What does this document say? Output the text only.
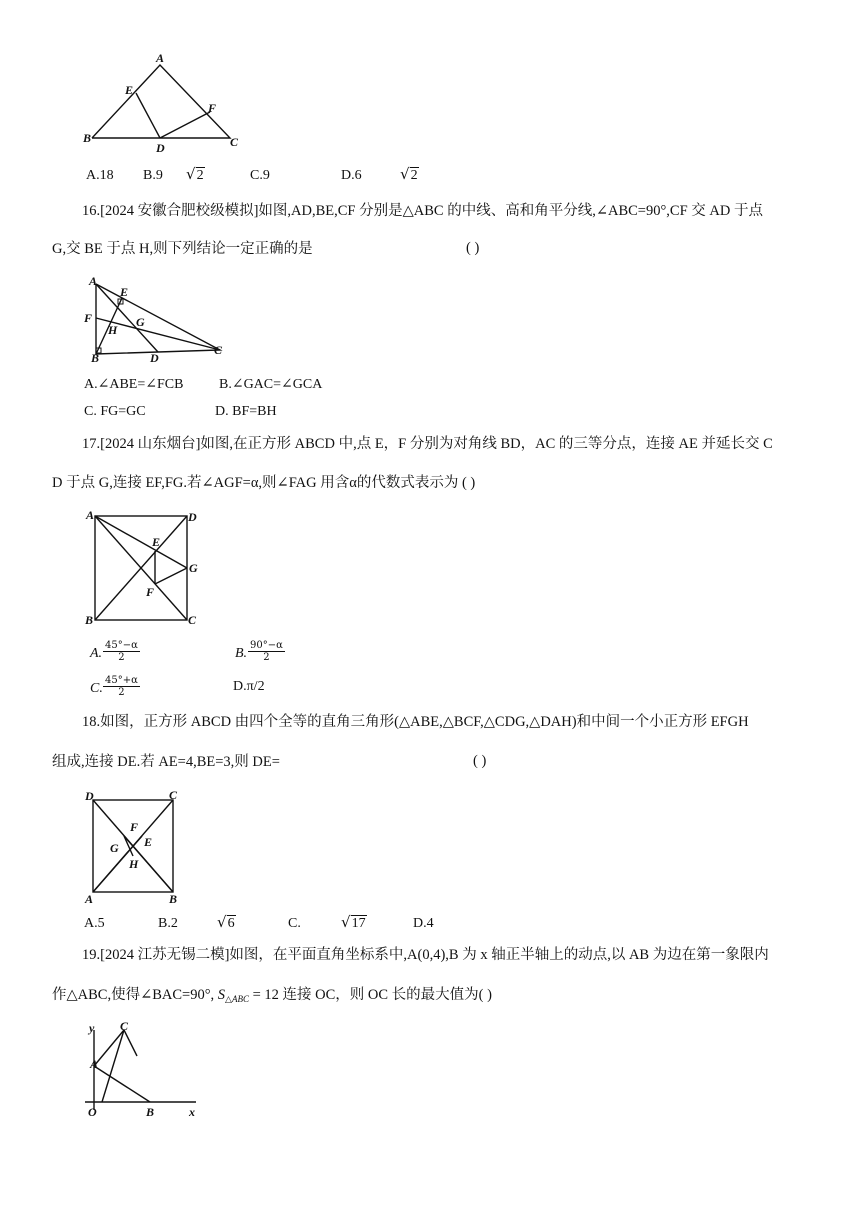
A
E
F
B
D	C
A.18 B.9 √2	C.9	D.6	√2
16.[2024 安徽合肥校级模拟]如图,AD,BE,CF 分别是△ABC 的中线、高和角平分线,∠ABC=90°,CF 交 AD 于点
G,交 BE 于点 H,则下列结论一定正确的是	( )
A
E
F
H
G
B	D
C
A.∠ABE=∠FCB	B.∠GAC=∠GCA
C. FG=GC	D. BF=BH
17.[2024 山东烟台]如图,在正方形 ABCD 中,点 E，F 分别为对角线 BD，AC 的三等分点，连接 AE 并延长交 C
D 于点 G,连接 EF,FG.若∠AGF=α,则∠FAG 用含α的代数式表示为 ( )
A	D
E
G
F
B	C
A. $\frac{45^\circ-\alpha}{2}$	B. $\frac{90^\circ-\alpha}{2}$
C. $\frac{45^\circ+\alpha}{2}$	D.π/2
18.如图，正方形 ABCD 由四个全等的直角三角形(△ABE,△BCF,△CDG,△DAH)和中间一个小正方形 EFGH
组成,连接 DE.若 AE=4,BE=3,则 DE=	( )
D	C
F
G E
H
A	B
A.5	B.2	√6	C.	√17	D.4
19.[2024 江苏无锡二模]如图，在平面直角坐标系中,A(0,4),B 为 x 轴正半轴上的动点,以 AB 为边在第一象限内
作△ABC,使得∠BAC=90°, $S_{\triangle ABC} = 12$ 连接 OC，则 OC 长的最大值为( )
y C
A
O	B	x
